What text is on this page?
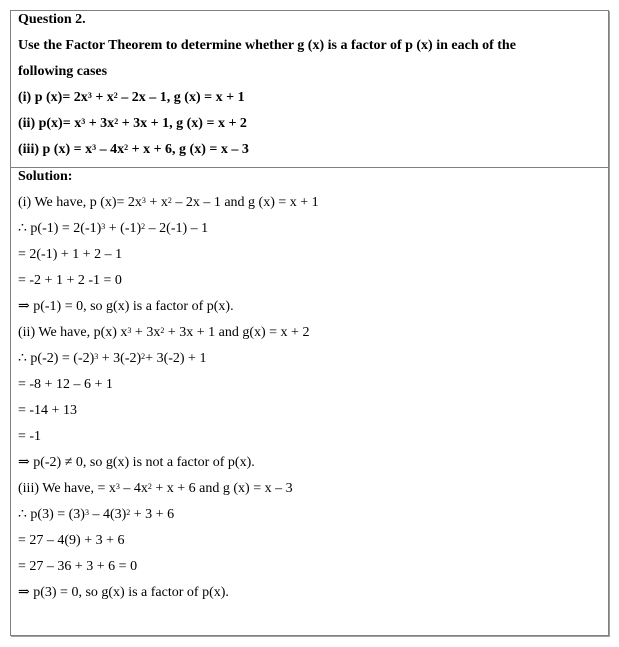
Question 2.
Use the Factor Theorem to determine whether g (x) is a factor of p (x) in each of the
following cases
(i) p $(x)= 2x^3 + x^2 - 2x - 1$, g (x) = x + 1
(ii) $p(x)= x^3 + 3x^2 + 3x + 1$, g (x) = x + 2
(iii) p $(x) = x^3 - 4x^2 + x + 6$, g (x) = x – 3
Solution:
(i) We have, p $(x)= 2x^3 + x^2 - 2x - 1$ and g (x) = x + 1
∴ $p(-1) = 2(-1)^3 + (-1)^2 - 2(-1) - 1$
= 2(-1) + 1 + 2 – 1
= -2 + 1 + 2 -1 = 0
⇒ p(-1) = 0, so g(x) is a factor of p(x).
(ii) We have, p(x) $x^3 + 3x^2 + 3x + 1$ and g(x) = x + 2
∴ $p(-2) = (-2)^3 + 3(-2)^2+ 3(-2) + 1$
= -8 + 12 – 6 + 1
= -14 + 13
= -1
⇒ p(-2) ≠ 0, so g(x) is not a factor of p(x).
(iii) We have, = $x^3 - 4x^2 + x + 6$ and g (x) = x – 3
∴ $p(3) = (3)^3 - 4(3)^2 + 3 + 6$
= 27 – 4(9) + 3 + 6
= 27 – 36 + 3 + 6 = 0
⇒ p(3) = 0, so g(x) is a factor of p(x).
